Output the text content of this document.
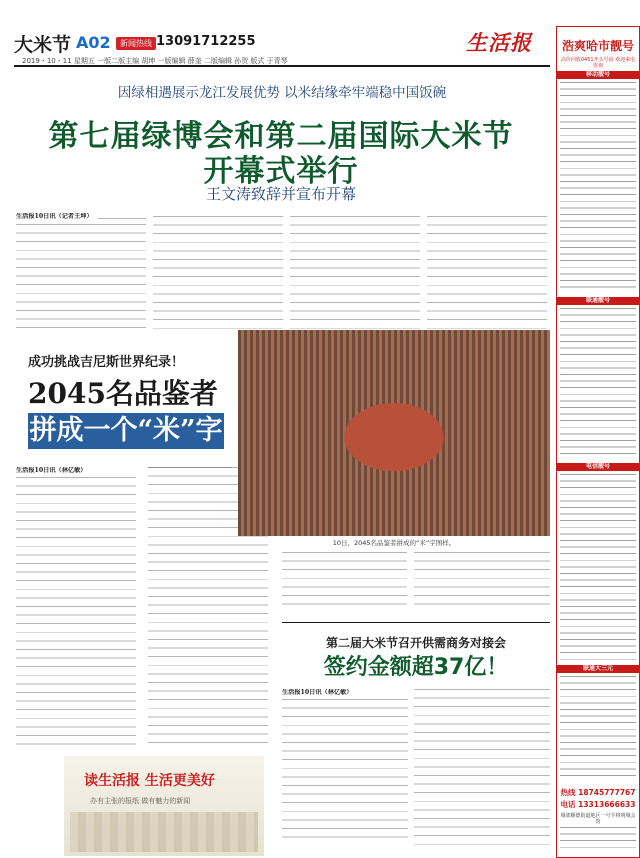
大米节 A02	新闻热线 13091712255	生活报
2019・10・11 星期五 一版二版主编 胡坤 一版编辑 薛奎 二版编辑 孙贺 版式 于青琴
因绿相遇展示龙江发展优势 以米结缘牵牢端稳中国饭碗
第七届绿博会和第二届国际大米节
开幕式举行
王文涛致辞并宣布开幕
生活报10日讯（记者王坤）
成功挑战吉尼斯世界纪录！
2045名品鉴者
拼成一个“米”字
生活报10日讯（林亿敏）
10日，2045名品鉴者拼成的“米”字图样。
第二届大米节召开供需商务对接会
签约金额超37亿！
生活报10日讯（林亿敏）
读生活报 生活更美好
办有主张的报纸 做有魅力的新闻
浩爽哈市靓号
高价回收0451开头号码 欢迎来电咨询
移动靓号
联通靓号
电信靓号
联通大三元
热线 18745777767
电话 13313666633
城郊顺德街道地区一号半将明城会馆
